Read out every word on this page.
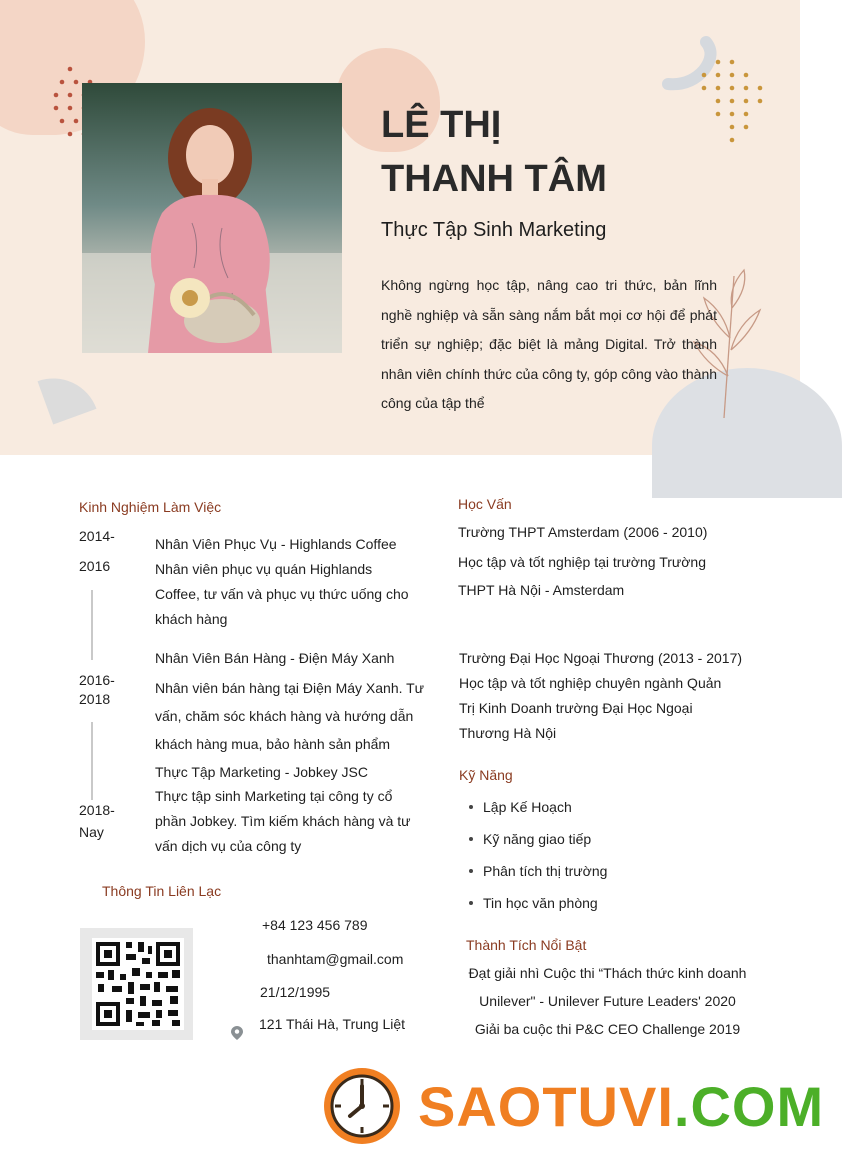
LÊ THỊ
THANH TÂM
Thực Tập Sinh Marketing
Không ngừng học tập, nâng cao tri thức, bản lĩnh nghề nghiệp và sẵn sàng nắm bắt mọi cơ hội để phát triển sự nghiệp; đặc biệt là mảng Digital. Trở thành nhân viên chính thức của công ty, góp công vào thành công của tập thể
Kinh Nghiệm Làm Việc
2014-
2016
Nhân Viên Phục Vụ - Highlands Coffee
Nhân viên phục vụ quán Highlands Coffee, tư vấn và phục vụ thức uống cho khách hàng
2016-
2018
Nhân Viên Bán Hàng - Điện Máy Xanh
Nhân viên bán hàng tại Điện Máy Xanh. Tư vấn, chăm sóc khách hàng và hướng dẫn khách hàng mua, bảo hành sản phẩm
2018-
Nay
Thực Tập Marketing - Jobkey JSC
Thực tập sinh Marketing tại công ty cổ phần Jobkey. Tìm kiếm khách hàng và tư vấn dịch vụ của công ty
Thông Tin Liên Lạc
+84 123 456 789
thanhtam@gmail.com
21/12/1995
121 Thái Hà, Trung Liệt
Học Vấn
Trường THPT Amsterdam (2006 - 2010)
Học tập và tốt nghiệp tại trường Trường THPT Hà Nội - Amsterdam
Trường Đại Học Ngoại Thương (2013 - 2017)
Học tập và tốt nghiệp chuyên ngành Quản Trị Kinh Doanh trường Đại Học Ngoại Thương Hà Nội
Kỹ Năng
Lập Kế Hoạch
Kỹ năng giao tiếp
Phân tích thị trường
Tin học văn phòng
Thành Tích Nổi Bật
Đạt giải nhì Cuộc thi “Thách thức kinh doanh
Unilever" - Unilever Future Leaders' 2020
Giải ba cuộc thi P&C CEO Challenge 2019
SAOTUVI.COM
